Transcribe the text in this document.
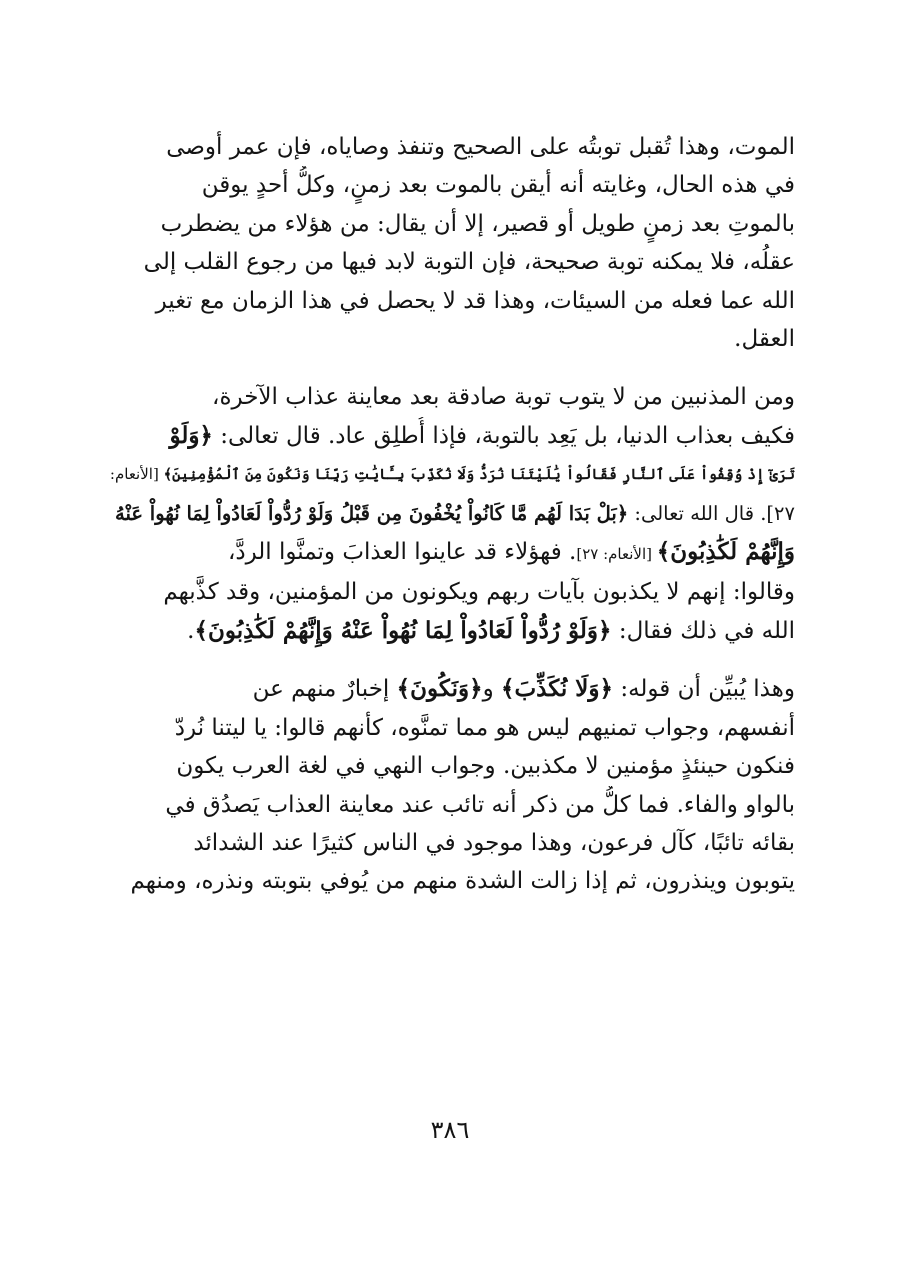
الموت، وهذا تُقبل توبتُه على الصحيح وتنفذ وصاياه، فإن عمر أوصى
في هذه الحال، وغايته أنه أيقن بالموت بعد زمنٍ، وكلُّ أحدٍ يوقن
بالموتِ بعد زمنٍ طويل أو قصير، إلا أن يقال: من هؤلاء من يضطرب
عقلُه، فلا يمكنه توبة صحيحة، فإن التوبة لابد فيها من رجوع القلب إلى
الله عما فعله من السيئات، وهذا قد لا يحصل في هذا الزمان مع تغير
العقل.

ومن المذنبين من لا يتوب توبة صادقة بعد معاينة عذاب الآخرة،
فكيف بعذاب الدنيا، بل يَعِد بالتوبة، فإذا أُطلِق عاد. قال تعالى: ﴿وَلَوْ
تَرَىٰٓ إِذْ وُقِفُواْ عَلَى ٱلنَّارِ فَقَالُواْ يَٰلَيْتَنَا نُرَدُّ وَلَا نُكَذِّبَ بِـَٔايَٰتِ رَبِّنَا وَنَكُونَ مِنَ ٱلْمُؤْمِنِينَ﴾ [الأنعام:
٢٧]. قال الله تعالى: ﴿بَلْ بَدَا لَهُم مَّا كَانُواْ يُخْفُونَ مِن قَبْلُ وَلَوْ رُدُّواْ لَعَادُواْ لِمَا نُهُواْ عَنْهُ
وَإِنَّهُمْ لَكَٰذِبُونَ﴾ [الأنعام: ٢٧]. فهؤلاء قد عاينوا العذابَ وتمنَّوا الردَّ،
وقالوا: إنهم لا يكذبون بآيات ربهم ويكونون من المؤمنين، وقد كذَّبهم
الله في ذلك فقال: ﴿وَلَوْ رُدُّواْ لَعَادُواْ لِمَا نُهُواْ عَنْهُ وَإِنَّهُمْ لَكَٰذِبُونَ﴾.

وهذا يُبيِّن أن قوله: ﴿وَلَا نُكَذِّبَ﴾ و﴿وَنَكُونَ﴾ إخبارٌ منهم عن
أنفسهم، وجواب تمنيهم ليس هو مما تمنَّوه، كأنهم قالوا: يا ليتنا نُردّ
فنكون حينئذٍ مؤمنين لا مكذبين. وجواب النهي في لغة العرب يكون
بالواو والفاء. فما كلُّ من ذكر أنه تائب عند معاينة العذاب يَصدُق في
بقائه تائبًا، كآل فرعون، وهذا موجود في الناس كثيرًا عند الشدائد
يتوبون وينذرون، ثم إذا زالت الشدة منهم من يُوفي بتوبته ونذره، ومنهم

٣٨٦
